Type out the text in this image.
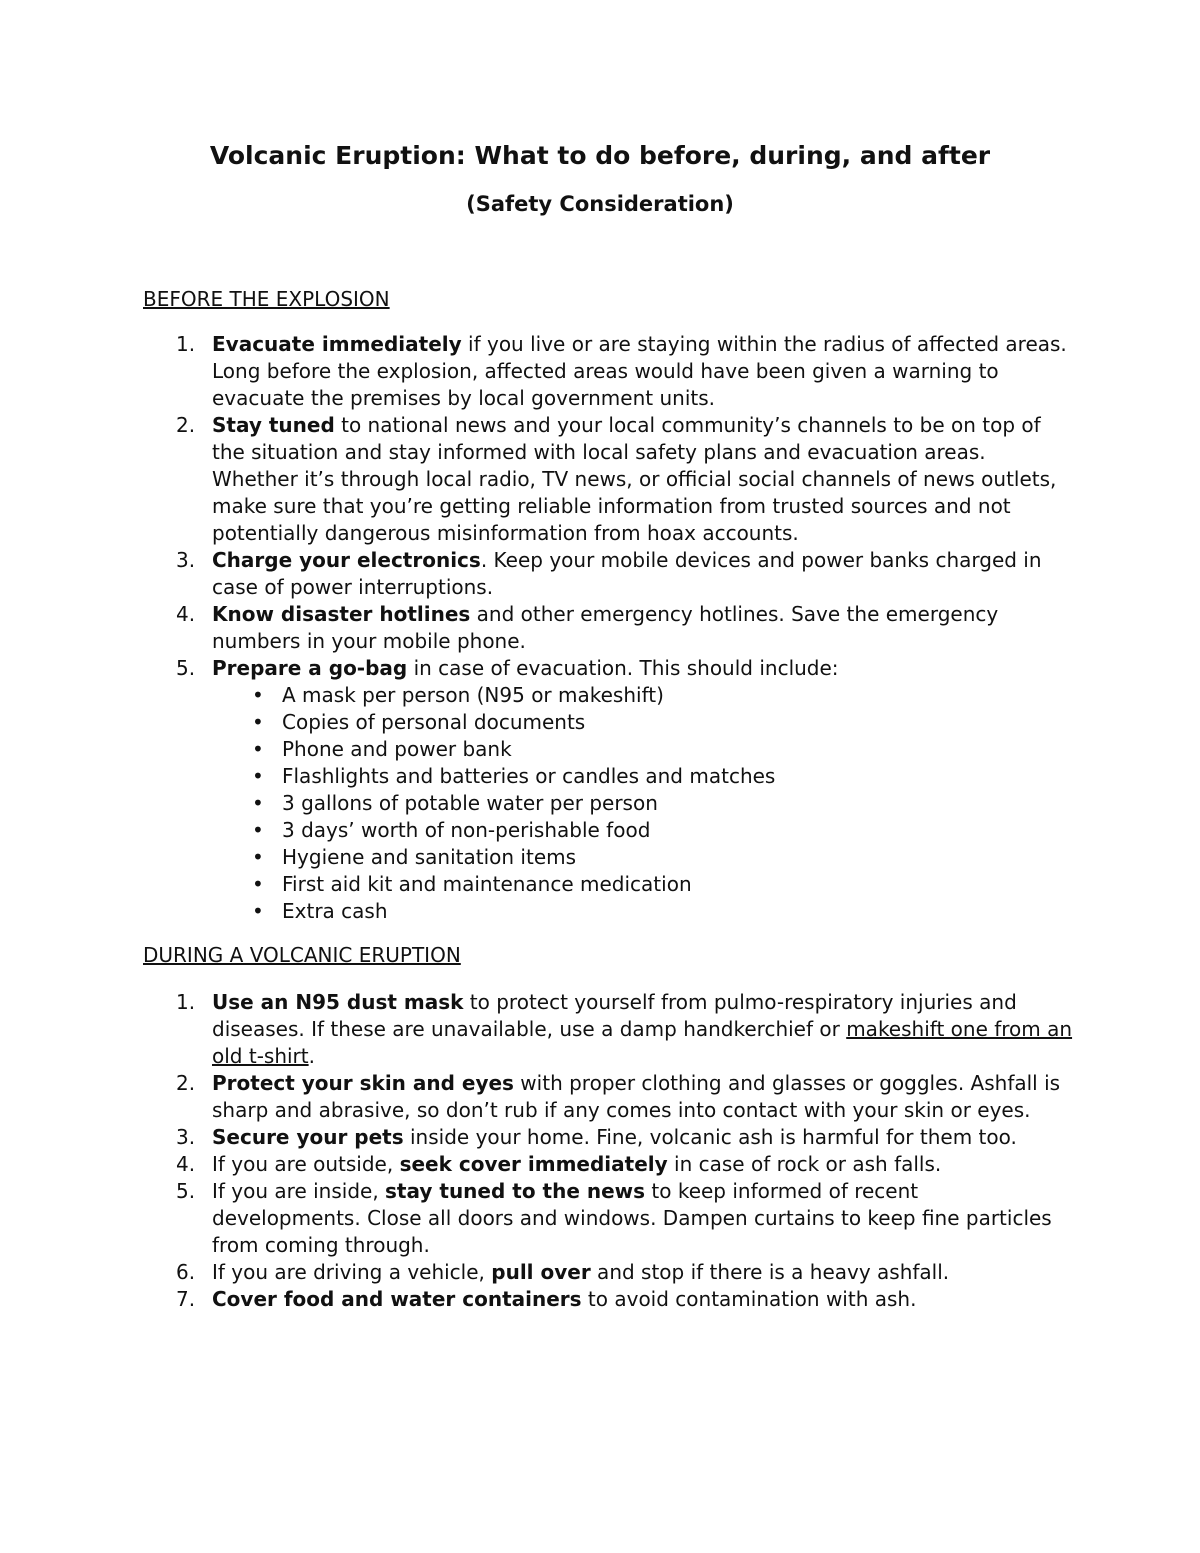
Volcanic Eruption: What to do before, during, and after
(Safety Consideration)
BEFORE THE EXPLOSION
1. Evacuate immediately if you live or are staying within the radius of affected areas. Long before the explosion, affected areas would have been given a warning to evacuate the premises by local government units.
2. Stay tuned to national news and your local community’s channels to be on top of the situation and stay informed with local safety plans and evacuation areas. Whether it’s through local radio, TV news, or official social channels of news outlets, make sure that you’re getting reliable information from trusted sources and not potentially dangerous misinformation from hoax accounts.
3. Charge your electronics. Keep your mobile devices and power banks charged in case of power interruptions.
4. Know disaster hotlines and other emergency hotlines. Save the emergency numbers in your mobile phone.
5. Prepare a go-bag in case of evacuation. This should include:
• A mask per person (N95 or makeshift)
• Copies of personal documents
• Phone and power bank
• Flashlights and batteries or candles and matches
• 3 gallons of potable water per person
• 3 days’ worth of non-perishable food
• Hygiene and sanitation items
• First aid kit and maintenance medication
• Extra cash
DURING A VOLCANIC ERUPTION
1. Use an N95 dust mask to protect yourself from pulmo-respiratory injuries and diseases. If these are unavailable, use a damp handkerchief or makeshift one from an old t-shirt.
2. Protect your skin and eyes with proper clothing and glasses or goggles. Ashfall is sharp and abrasive, so don’t rub if any comes into contact with your skin or eyes.
3. Secure your pets inside your home. Fine, volcanic ash is harmful for them too.
4. If you are outside, seek cover immediately in case of rock or ash falls.
5. If you are inside, stay tuned to the news to keep informed of recent developments. Close all doors and windows. Dampen curtains to keep fine particles from coming through.
6. If you are driving a vehicle, pull over and stop if there is a heavy ashfall.
7. Cover food and water containers to avoid contamination with ash.
